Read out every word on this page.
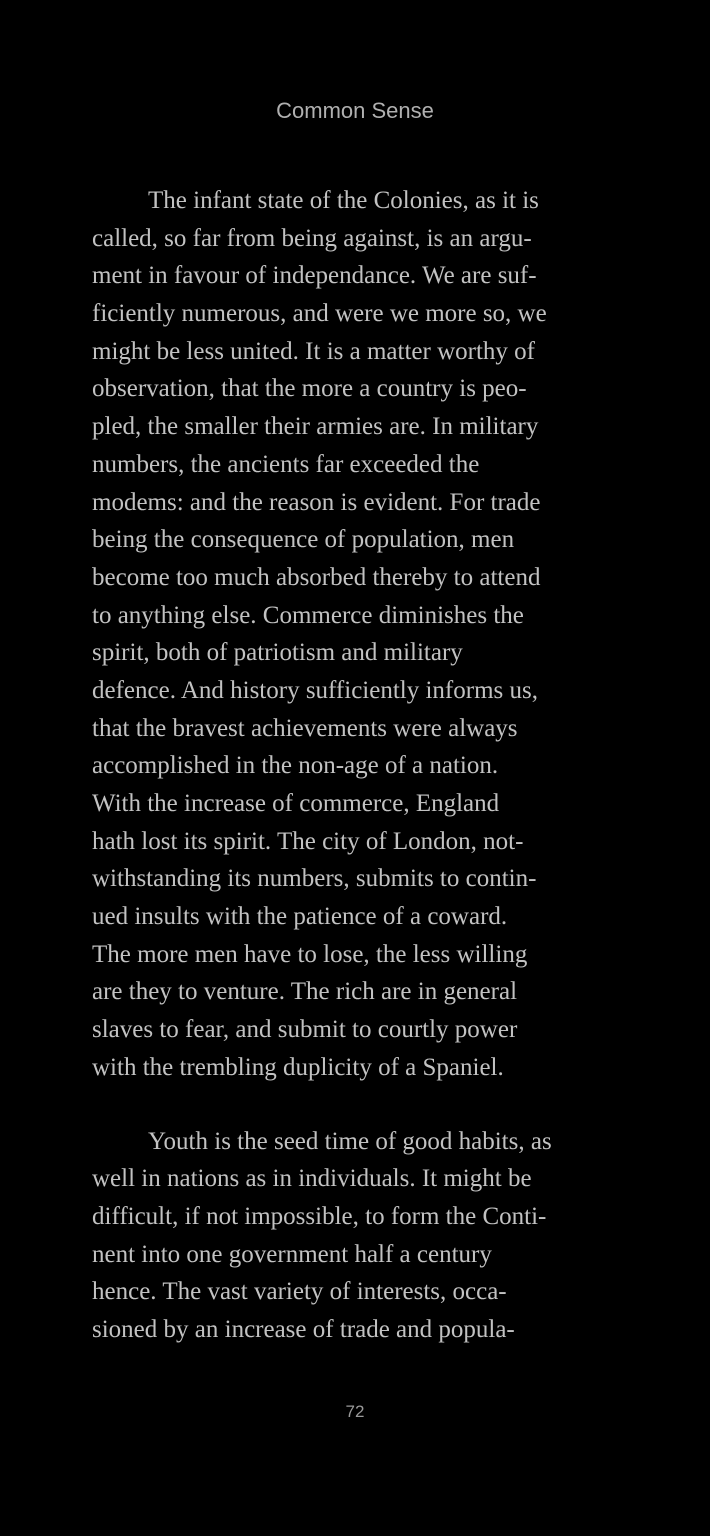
Common Sense
The infant state of the Colonies, as it is
called, so far from being against, is an argu-
ment in favour of independance. We are suf-
ficiently numerous, and were we more so, we
might be less united. It is a matter worthy of
observation, that the more a country is peo-
pled, the smaller their armies are. In military
numbers, the ancients far exceeded the
modems: and the reason is evident. For trade
being the consequence of population, men
become too much absorbed thereby to attend
to anything else. Commerce diminishes the
spirit, both of patriotism and military
defence. And history sufficiently informs us,
that the bravest achievements were always
accomplished in the non-age of a nation.
With the increase of commerce, England
hath lost its spirit. The city of London, not-
withstanding its numbers, submits to contin-
ued insults with the patience of a coward.
The more men have to lose, the less willing
are they to venture. The rich are in general
slaves to fear, and submit to courtly power
with the trembling duplicity of a Spaniel.
Youth is the seed time of good habits, as
well in nations as in individuals. It might be
difficult, if not impossible, to form the Conti-
nent into one government half a century
hence. The vast variety of interests, occa-
sioned by an increase of trade and popula-
72
